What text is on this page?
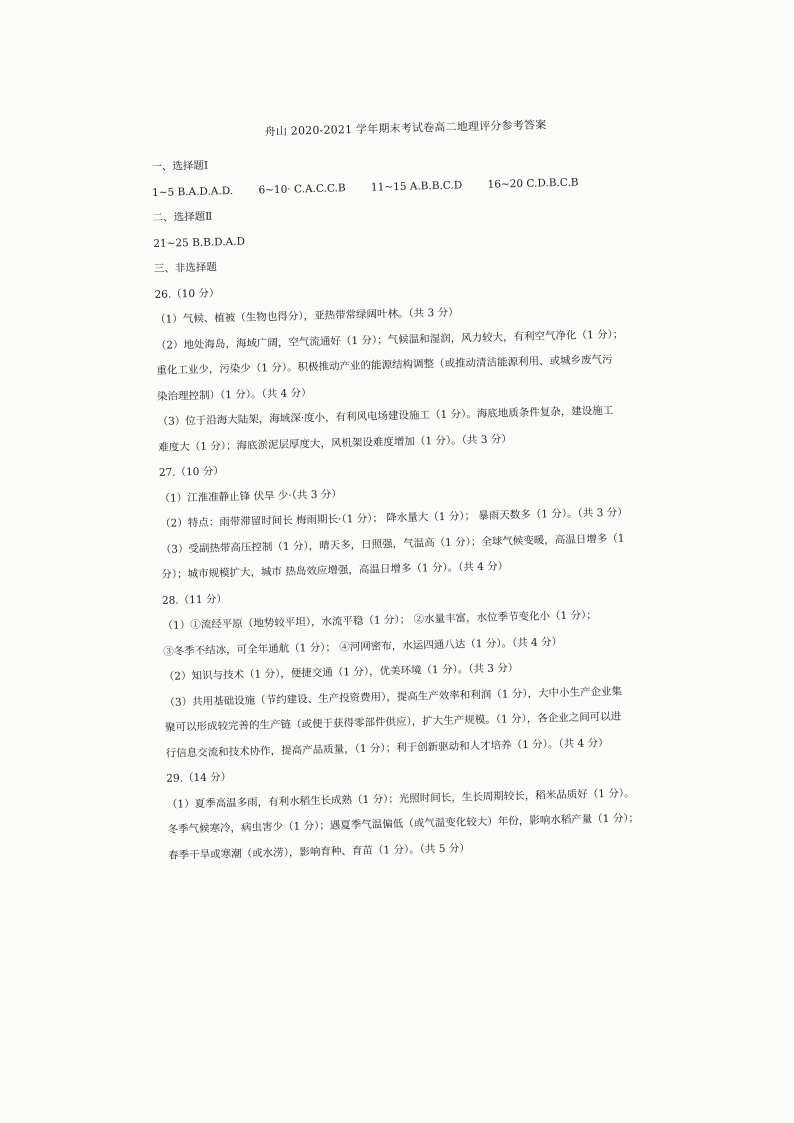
舟山 2020-2021 学年期末考试卷高二地理评分参考答案
一、选择题Ⅰ
1~5 B.A.D.A.D. 6~10· C.A.C.C.B 11~15 A.B.B.C.D 16~20 C.D.B.C.B
二、选择题Ⅱ
21~25 B.B.D.A.D
三、非选择题
26.（10 分）
（1）气候、植被（生物也得分），亚热带常绿阔叶林。（共 3 分）
（2）地处海岛，海域广阔，空气流通好（1 分）；气候温和湿润，风力较大，有利空气净化（1 分）；
重化工业少，污染少（1 分）。积极推动产业的能源结构调整（或推动清洁能源利用、或城乡废气污
染治理控制）（1 分）。（共 4 分）
（3）位于沿海大陆架，海域深·度小，有利风电场建设施工（1 分）。海底地质条件复杂，建设施工
难度大（1 分）；海底淤泥层厚度大，风机架设难度增加（1 分）。（共 3 分）
27.（10 分）
（1）江淮准静止锋 伏旱 少·（共 3 分）
（2）特点：雨带滞留时间长 梅雨期长·（1 分）； 降水量大（1 分）； 暴雨天数多（1 分）。（共 3 分）
（3）受副热带高压控制（1 分），晴天多，日照强，气温高（1 分）；全球气候变暖，高温日增多（1
分）；城市规模扩大，城市 热岛效应增强，高温日增多（1 分）。（共 4 分）
28.（11 分）
（1）①流经平原（地势较平坦），水流平稳（1 分）； ②水量丰富，水位季节变化小（1 分）；
③冬季不结冰，可全年通航（1 分）； ④河网密布，水运四通八达（1 分）。（共 4 分）
（2）知识与技术（1 分），便捷交通（1 分），优美环境（1 分）。（共 3 分）
（3）共用基础设施（节约建设、生产投资费用），提高生产效率和利润（1 分），大中小生产企业集
聚可以形成较完善的生产链（或便于获得零部件供应），扩大生产规模。（1 分），各企业之间可以进
行信息交流和技术协作，提高产品质量，（1 分）；利于创新驱动和人才培养（1 分）。（共 4 分）
29.（14 分）
（1）夏季高温多雨，有利水稻生长成熟（1 分）；光照时间长，生长周期较长，稻米品质好（1 分）。
冬季气候寒冷，病虫害少（1 分）；遇夏季气温偏低（或气温变化较大）年份，影响水稻产量（1 分）；
春季干旱或寒潮（或水涝），影响育种、育苗（1 分）。（共 5 分）
